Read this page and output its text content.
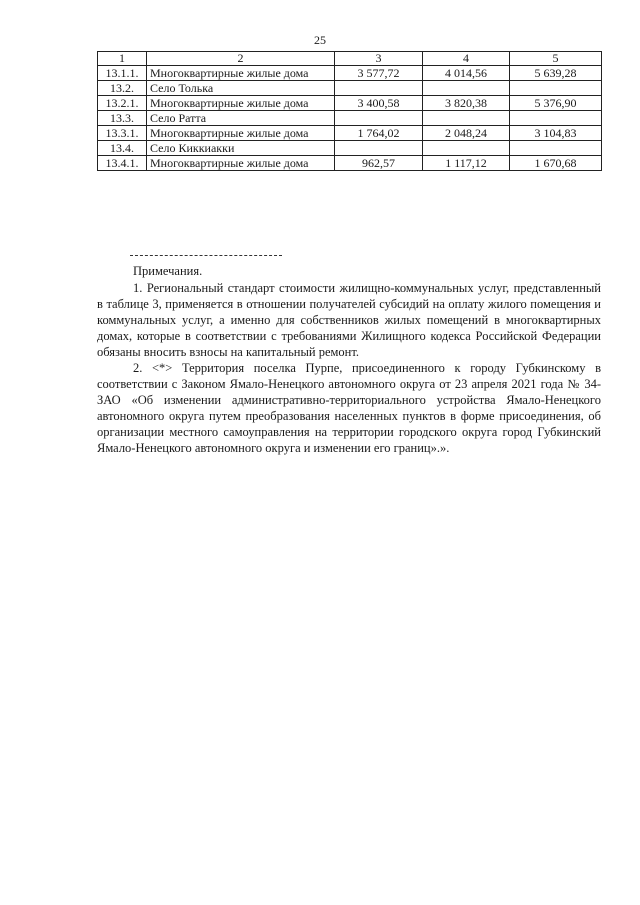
25
1	2	3	4	5
13.1.1.	Многоквартирные жилые дома	3 577,72	4 014,56	5 639,28
13.2.	Село Толька			
13.2.1.	Многоквартирные жилые дома	3 400,58	3 820,38	5 376,90
13.3.	Село Ратта			
13.3.1.	Многоквартирные жилые дома	1 764,02	2 048,24	3 104,83
13.4.	Село Киккиакки			
13.4.1.	Многоквартирные жилые дома	962,57	1 117,12	1 670,68

Примечания.

1. Региональный стандарт стоимости жилищно-коммунальных услуг, представленный в таблице 3, применяется в отношении получателей субсидий на оплату жилого помещения и коммунальных услуг, а именно для собственников жилых помещений в многоквартирных домах, которые в соответствии с требованиями Жилищного кодекса Российской Федерации обязаны вносить взносы на капитальный ремонт.

2. <*> Территория поселка Пурпе, присоединенного к городу Губкинскому в соответствии с Законом Ямало-Ненецкого автономного округа от 23 апреля 2021 года № 34-ЗАО «Об изменении административно-территориального устройства Ямало-Ненецкого автономного округа путем преобразования населенных пунктов в форме присоединения, об организации местного самоуправления на территории городского округа город Губкинский Ямало-Ненецкого автономного округа и изменении его границ».».
